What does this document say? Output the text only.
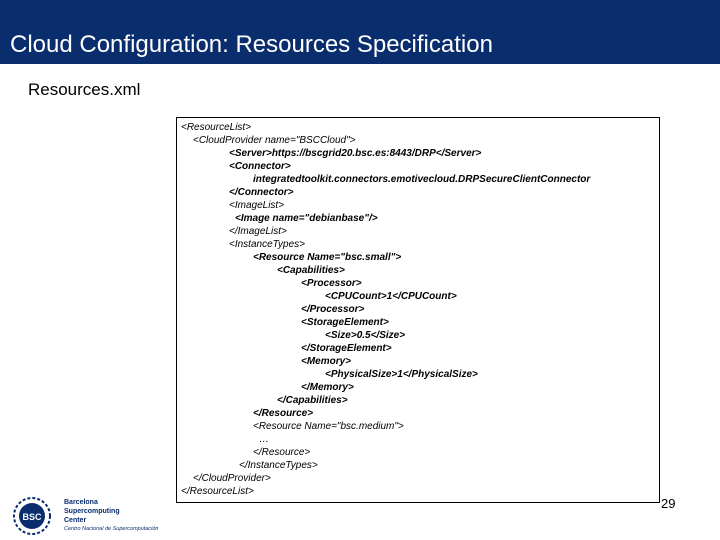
Cloud Configuration: Resources Specification
Resources.xml
<ResourceList>
<CloudProvider name="BSCCloud">
<Server>https://bscgrid20.bsc.es:8443/DRP</Server>
<Connector>
integratedtoolkit.connectors.emotivecloud.DRPSecureClientConnector
</Connector>
<ImageList>
<Image name="debianbase"/>
</ImageList>
<InstanceTypes>
<Resource Name="bsc.small">
<Capabilities>
<Processor>
<CPUCount>1</CPUCount>
</Processor>
<StorageElement>
<Size>0.5</Size>
</StorageElement>
<Memory>
<PhysicalSize>1</PhysicalSize>
</Memory>
</Capabilities>
</Resource>
<Resource Name="bsc.medium">
…
</Resource>
</InstanceTypes>
</CloudProvider>
</ResourceList>
29
BSC
Barcelona
Supercomputing
Center
Centro Nacional de Supercomputación
